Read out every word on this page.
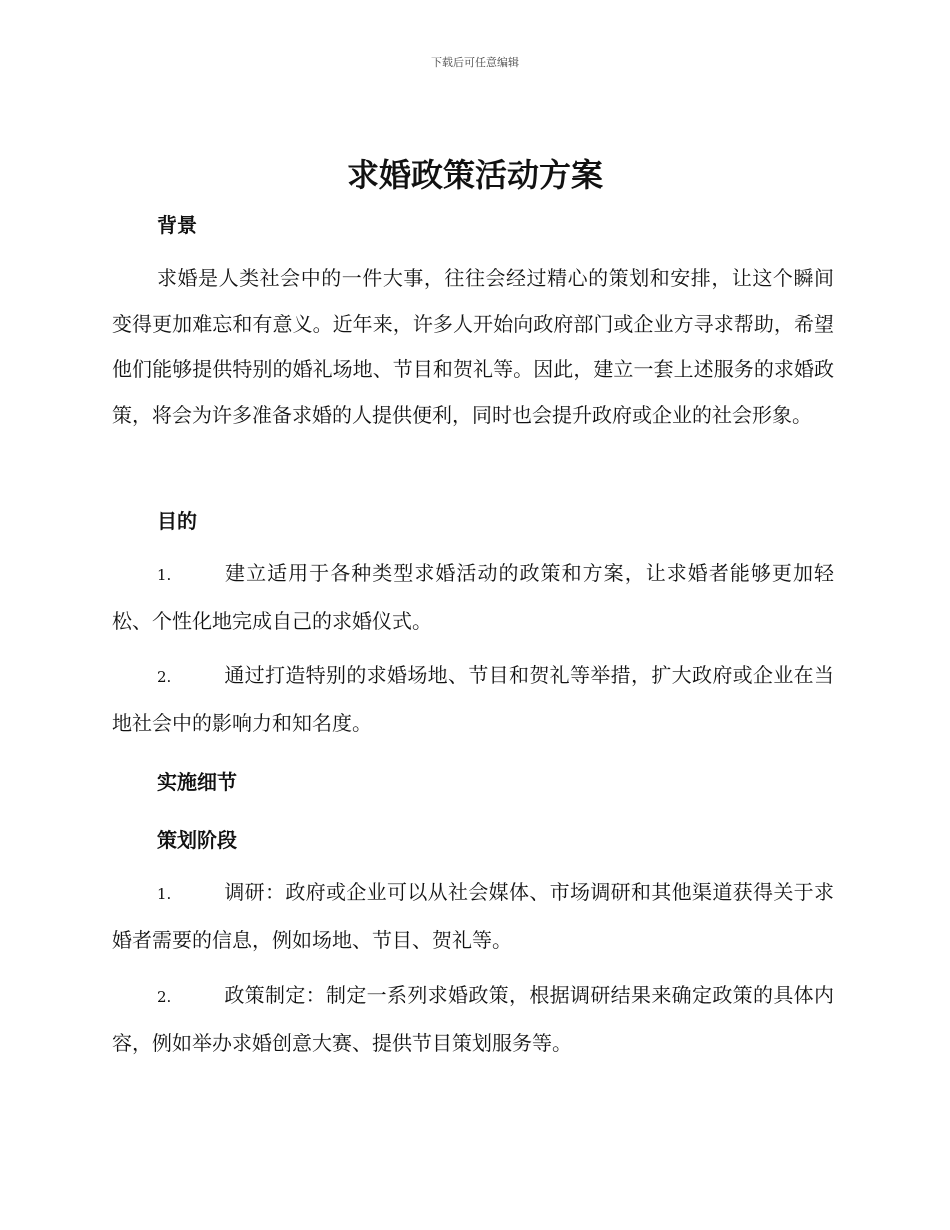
下载后可任意编辑
求婚政策活动方案
背景
求婚是人类社会中的一件大事，往往会经过精心的策划和安排，让这个瞬间变得更加难忘和有意义。近年来，许多人开始向政府部门或企业方寻求帮助，希望他们能够提供特别的婚礼场地、节目和贺礼等。因此，建立一套上述服务的求婚政策，将会为许多准备求婚的人提供便利，同时也会提升政府或企业的社会形象。
目的
1.	建立适用于各种类型求婚活动的政策和方案，让求婚者能够更加轻松、个性化地完成自己的求婚仪式。
2.	通过打造特别的求婚场地、节目和贺礼等举措，扩大政府或企业在当地社会中的影响力和知名度。
实施细节
策划阶段
1.	调研：政府或企业可以从社会媒体、市场调研和其他渠道获得关于求婚者需要的信息，例如场地、节目、贺礼等。
2.	政策制定：制定一系列求婚政策，根据调研结果来确定政策的具体内容，例如举办求婚创意大赛、提供节目策划服务等。
